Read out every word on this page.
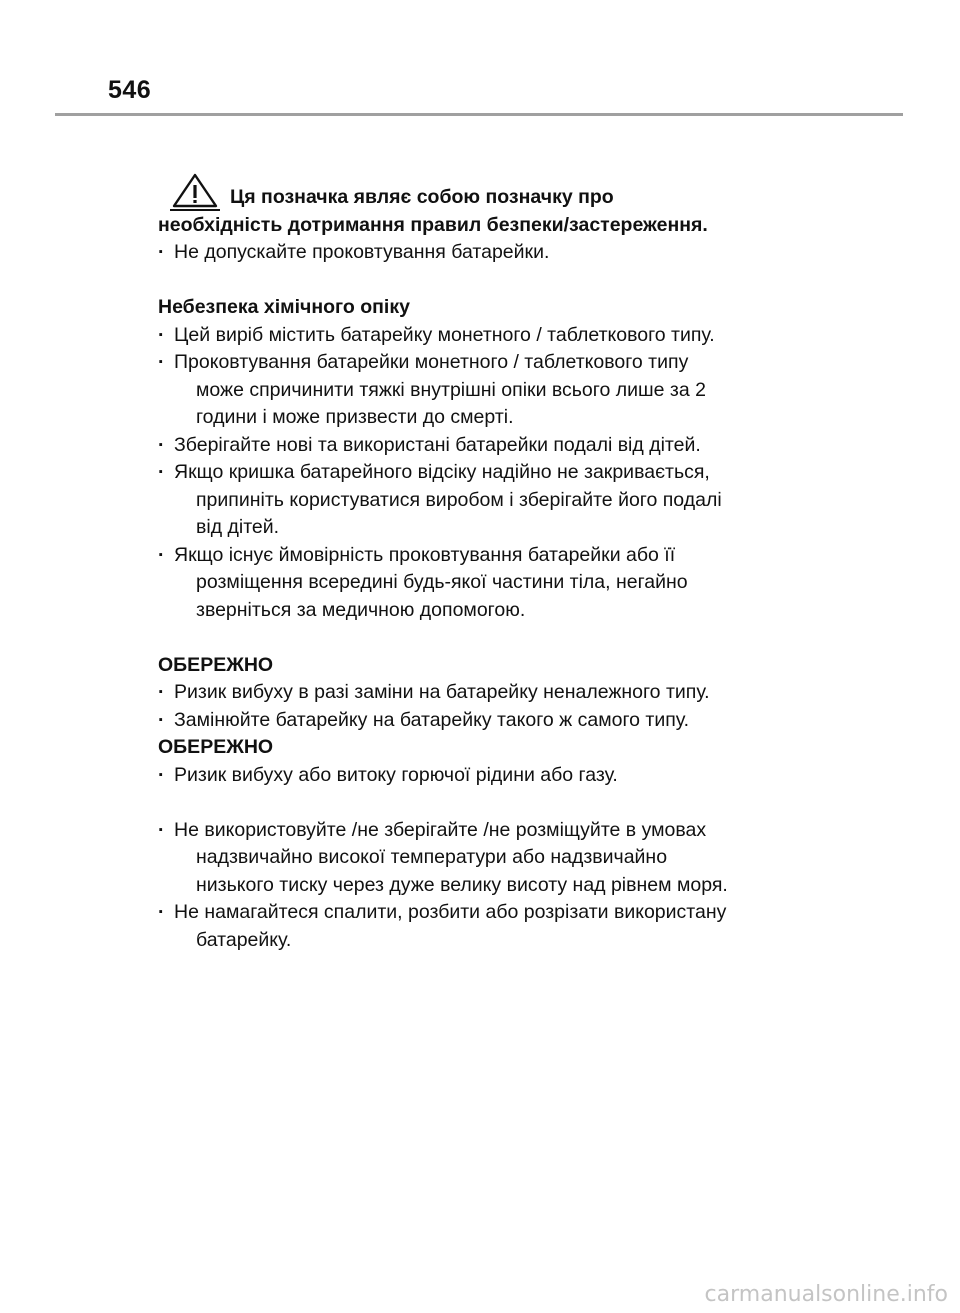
546
Ця позначка являє собою позначку про
необхідність дотримання правил безпеки/застереження.
· Не допускайте проковтування батарейки.
Небезпека хімічного опіку
· Цей виріб містить батарейку монетного / таблеткового типу.
· Проковтування батарейки монетного / таблеткового типу
може спричинити тяжкі внутрішні опіки всього лише за 2
години і може призвести до смерті.
· Зберігайте нові та використані батарейки подалі від дітей.
· Якщо кришка батарейного відсіку надійно не закривається,
припиніть користуватися виробом і зберігайте його подалі
від дітей.
· Якщо існує ймовірність проковтування батарейки або її
розміщення всередині будь-якої частини тіла, негайно
зверніться за медичною допомогою.
ОБЕРЕЖНО
· Ризик вибуху в разі заміни на батарейку неналежного типу.
· Замінюйте батарейку на батарейку такого ж самого типу.
ОБЕРЕЖНО
· Ризик вибуху або витоку горючої рідини або газу.
· Не використовуйте /не зберігайте /не розміщуйте в умовах
надзвичайно високої температури або надзвичайно
низького тиску через дуже велику висоту над рівнем моря.
· Не намагайтеся спалити, розбити або розрізати використану
батарейку.
carmanualsonline.info
